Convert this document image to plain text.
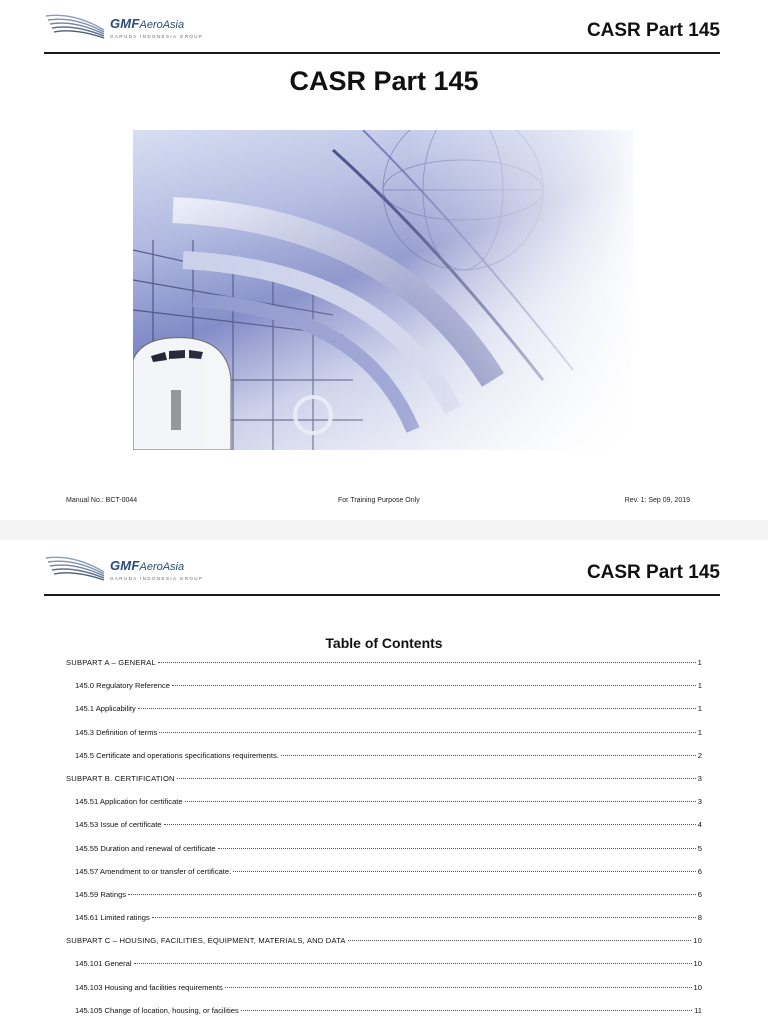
GMFAeroAsia
GARUDA INDONESIA GROUP	CASR Part 145
CASR Part 145
Manual No.: BCT-0044	For Training Purpose Only	Rev. 1: Sep 09, 2019
GMFAeroAsia
GARUDA INDONESIA GROUP	CASR Part 145
Table of Contents
SUBPART A – GENERAL	1
145.0 Regulatory Reference	1
145.1 Applicability	1
145.3 Definition of terms	1
145.5 Certificate and operations specifications requirements.	2
SUBPART B. CERTIFICATION	3
145.51 Application for certificate	3
145.53 Issue of certificate	4
145.55 Duration and renewal of certificate	5
145.57 Amendment to or transfer of certificate.	6
145.59 Ratings	6
145.61 Limited ratings	8
SUBPART C – HOUSING, FACILITIES, EQUIPMENT, MATERIALS, AND DATA	10
145.101 General	10
145.103 Housing and facilities requirements	10
145.105 Change of location, housing, or facilities	11
